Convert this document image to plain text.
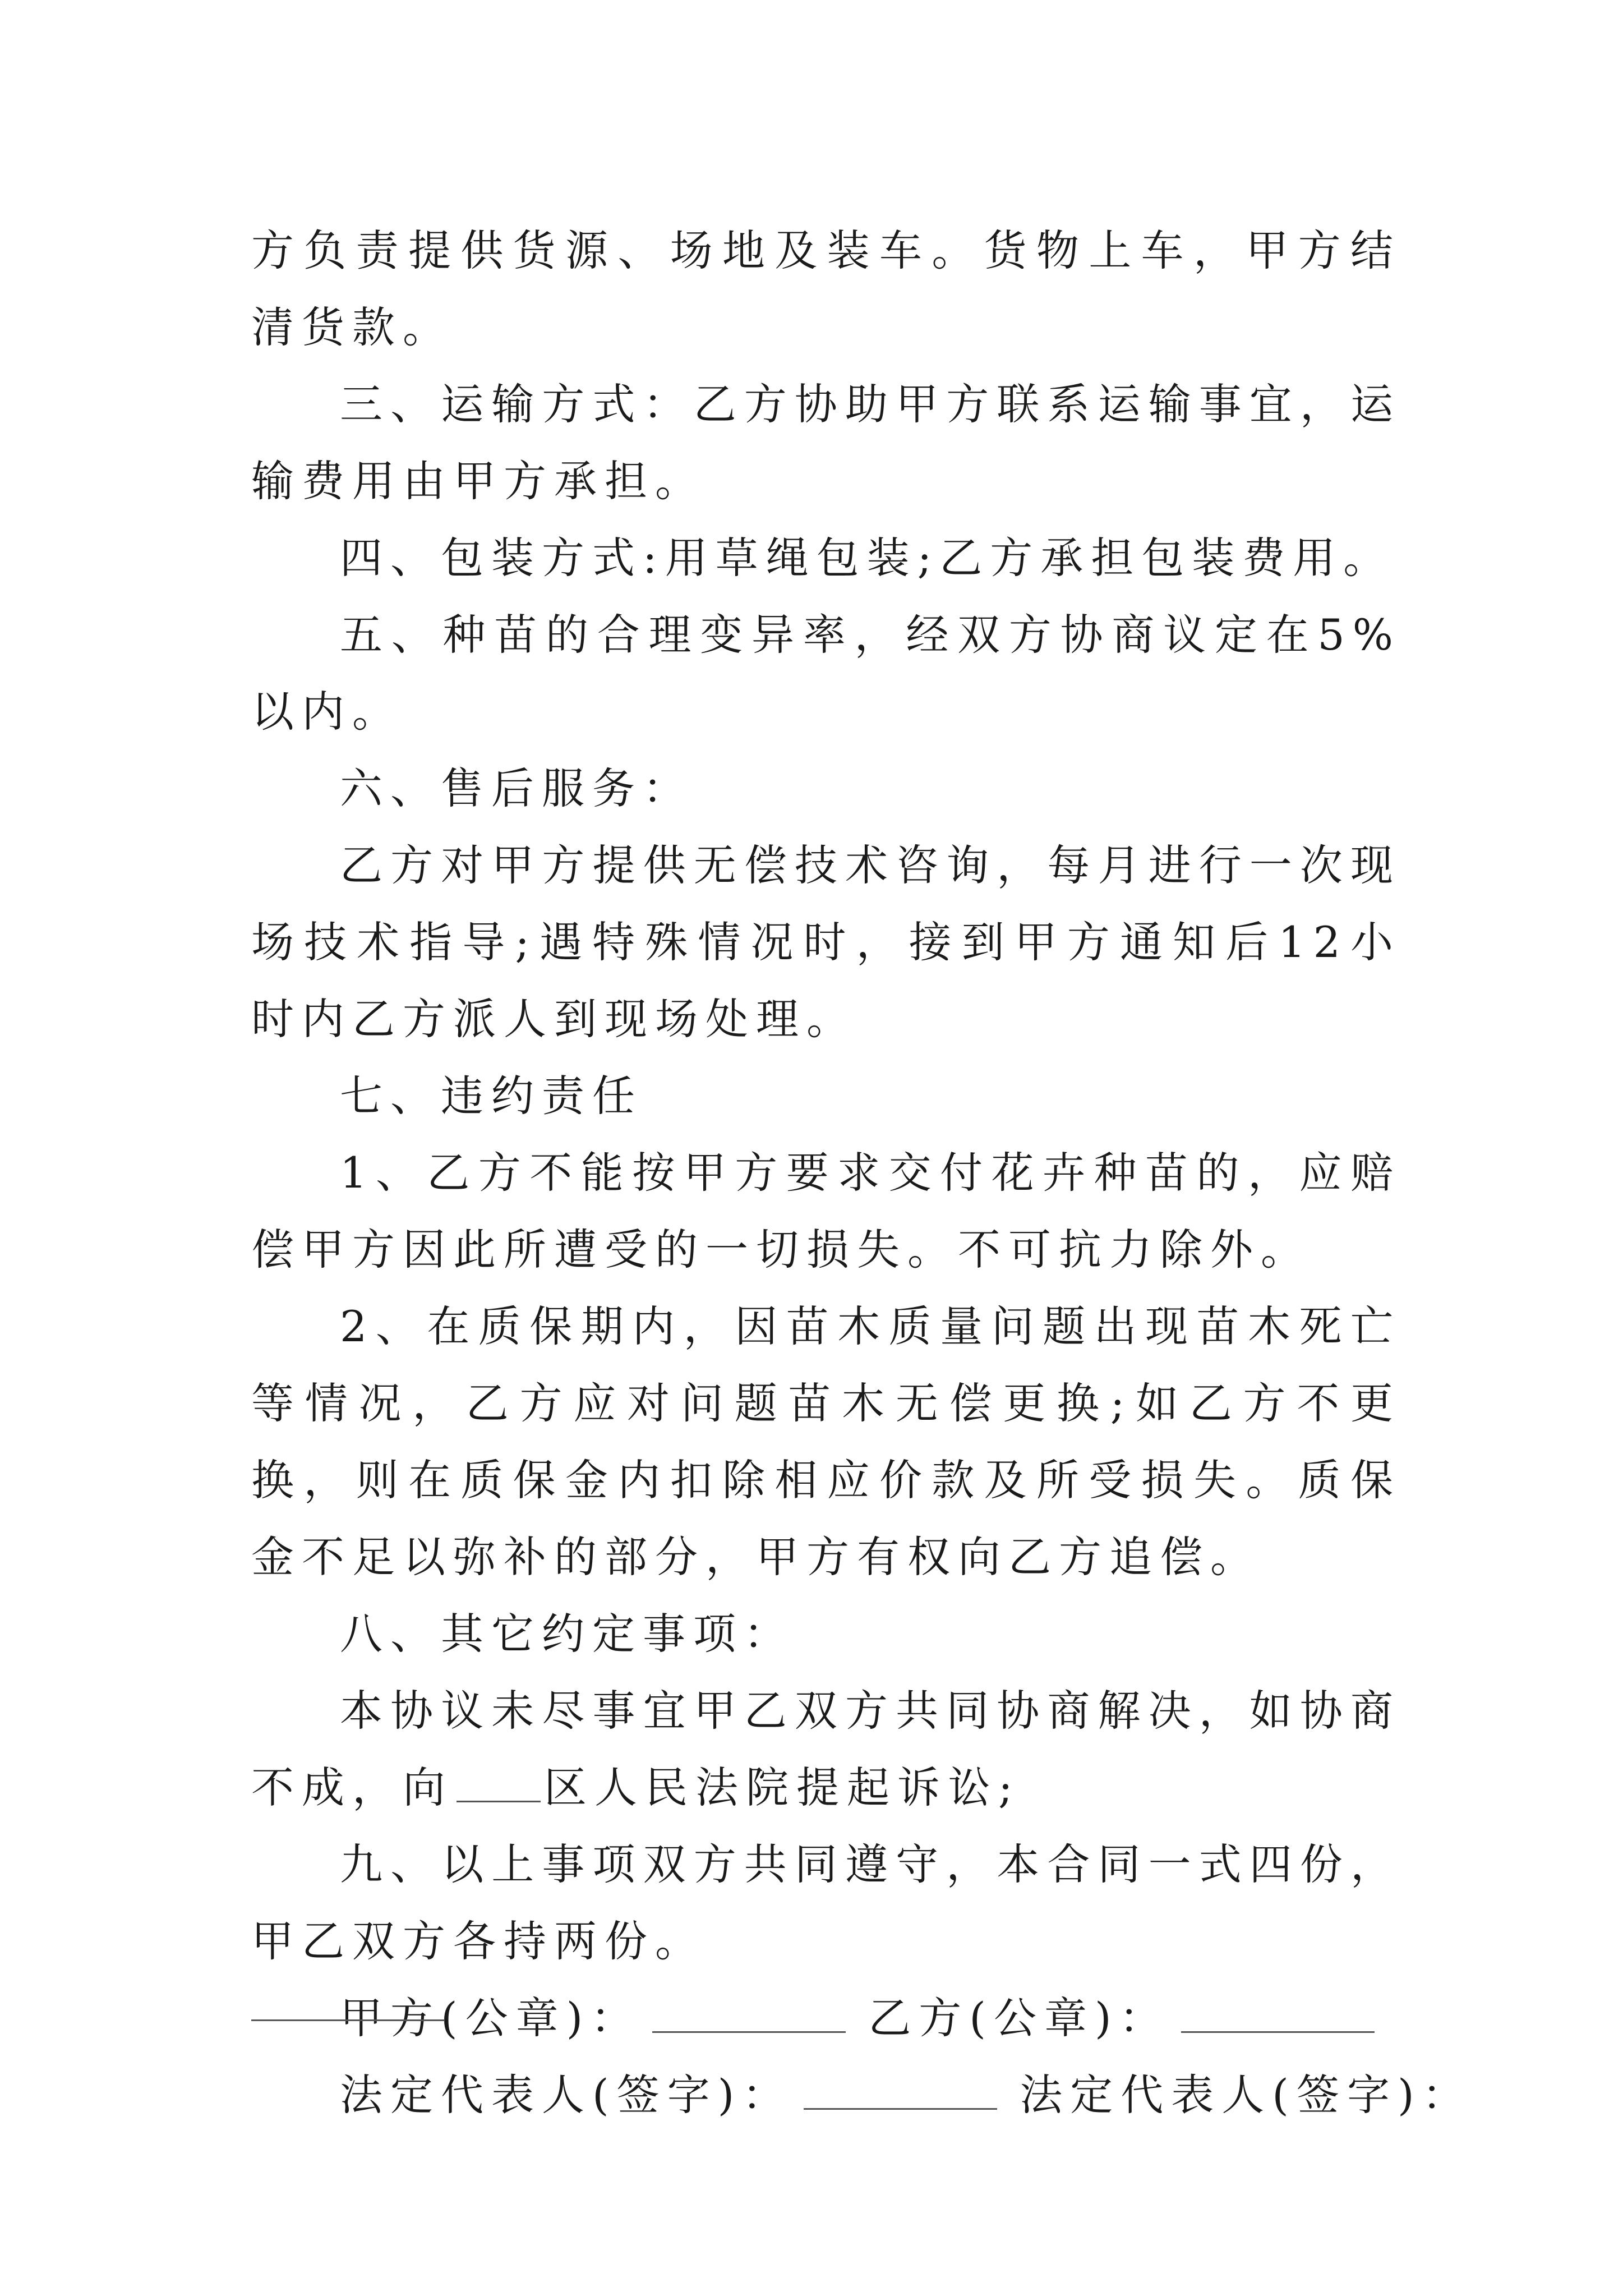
方负责提供货源、场地及装车。货物上车，甲方结清货款。

三、运输方式：乙方协助甲方联系运输事宜，运输费用由甲方承担。

四、包装方式:用草绳包装;乙方承担包装费用。

五、种苗的合理变异率，经双方协商议定在5%以内。

六、售后服务：

乙方对甲方提供无偿技术咨询，每月进行一次现场技术指导;遇特殊情况时，接到甲方通知后12小时内乙方派人到现场处理。

七、违约责任

1、乙方不能按甲方要求交付花卉种苗的，应赔偿甲方因此所遭受的一切损失。不可抗力除外。

2、在质保期内，因苗木质量问题出现苗木死亡等情况，乙方应对问题苗木无偿更换;如乙方不更换，则在质保金内扣除相应价款及所受损失。质保金不足以弥补的部分，甲方有权向乙方追偿。

八、其它约定事项：

本协议未尽事宜甲乙双方共同协商解决，如协商不成，向 区人民法院提起诉讼;

九、以上事项双方共同遵守，本合同一式四份，甲乙双方各持两份。

甲方(公章)：	乙方(公章)：

法定代表人(签字)：	法定代表人(签字)：
